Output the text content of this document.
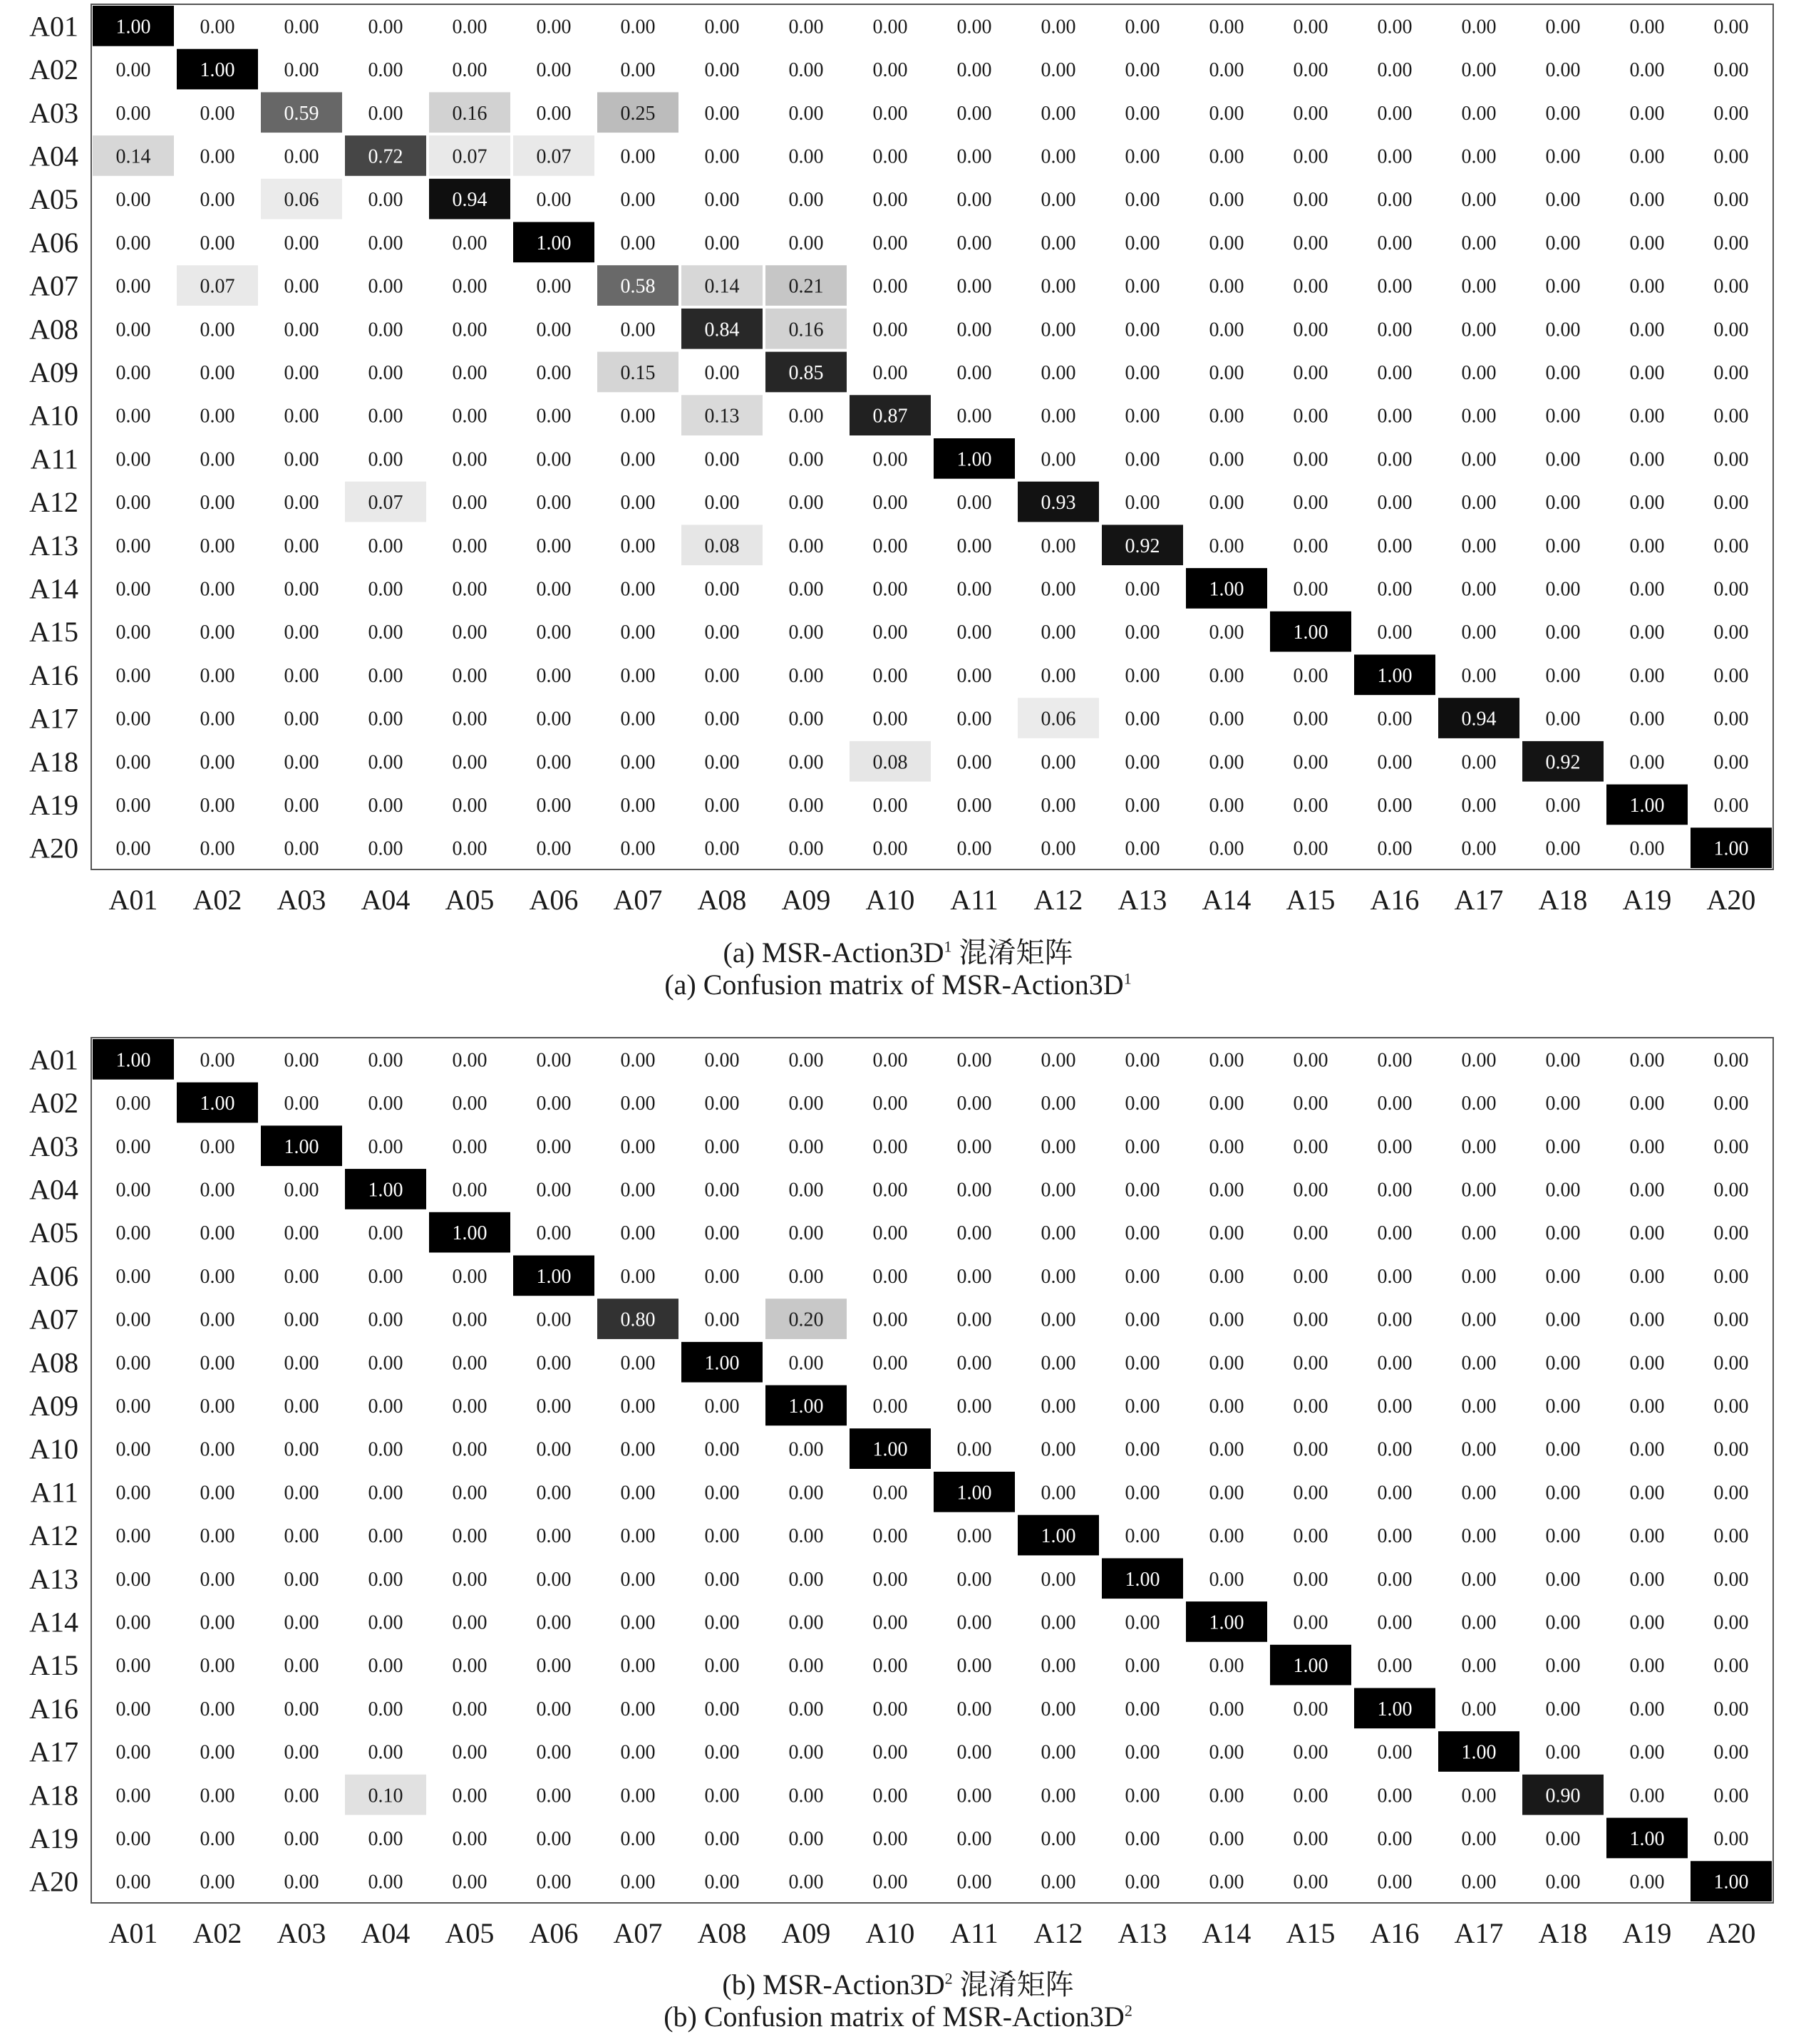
1.00 0.00 0.00 0.00 0.00 0.00 0.00 0.00 0.00 0.00 0.00 0.00 0.00 0.00 0.00 0.00 0.00 0.00 0.00 0.00
A01
0.00 1.00 0.00 0.00 0.00 0.00 0.00 0.00 0.00 0.00 0.00 0.00 0.00 0.00 0.00 0.00 0.00 0.00 0.00 0.00
A02
0.00 0.00 0.59 0.00 0.16 0.00 0.25 0.00 0.00 0.00 0.00 0.00 0.00 0.00 0.00 0.00 0.00 0.00 0.00 0.00
A03
0.14 0.00 0.00 0.72 0.07 0.07 0.00 0.00 0.00 0.00 0.00 0.00 0.00 0.00 0.00 0.00 0.00 0.00 0.00 0.00
A04
0.00 0.00 0.06 0.00 0.94 0.00 0.00 0.00 0.00 0.00 0.00 0.00 0.00 0.00 0.00 0.00 0.00 0.00 0.00 0.00
A05
0.00 0.00 0.00 0.00 0.00 1.00 0.00 0.00 0.00 0.00 0.00 0.00 0.00 0.00 0.00 0.00 0.00 0.00 0.00 0.00
A06
0.00 0.07 0.00 0.00 0.00 0.00 0.58 0.14 0.21 0.00 0.00 0.00 0.00 0.00 0.00 0.00 0.00 0.00 0.00 0.00
A07
0.00 0.00 0.00 0.00 0.00 0.00 0.00 0.84 0.16 0.00 0.00 0.00 0.00 0.00 0.00 0.00 0.00 0.00 0.00 0.00
A08
0.00 0.00 0.00 0.00 0.00 0.00 0.15 0.00 0.85 0.00 0.00 0.00 0.00 0.00 0.00 0.00 0.00 0.00 0.00 0.00
A09
0.00 0.00 0.00 0.00 0.00 0.00 0.00 0.13 0.00 0.87 0.00 0.00 0.00 0.00 0.00 0.00 0.00 0.00 0.00 0.00
A10
0.00 0.00 0.00 0.00 0.00 0.00 0.00 0.00 0.00 0.00 1.00 0.00 0.00 0.00 0.00 0.00 0.00 0.00 0.00 0.00
A11
0.00 0.00 0.00 0.07 0.00 0.00 0.00 0.00 0.00 0.00 0.00 0.93 0.00 0.00 0.00 0.00 0.00 0.00 0.00 0.00
A12
0.00 0.00 0.00 0.00 0.00 0.00 0.00 0.08 0.00 0.00 0.00 0.00 0.92 0.00 0.00 0.00 0.00 0.00 0.00 0.00
A13
0.00 0.00 0.00 0.00 0.00 0.00 0.00 0.00 0.00 0.00 0.00 0.00 0.00 1.00 0.00 0.00 0.00 0.00 0.00 0.00
A14
0.00 0.00 0.00 0.00 0.00 0.00 0.00 0.00 0.00 0.00 0.00 0.00 0.00 0.00 1.00 0.00 0.00 0.00 0.00 0.00
A15
0.00 0.00 0.00 0.00 0.00 0.00 0.00 0.00 0.00 0.00 0.00 0.00 0.00 0.00 0.00 1.00 0.00 0.00 0.00 0.00
A16
0.00 0.00 0.00 0.00 0.00 0.00 0.00 0.00 0.00 0.00 0.00 0.06 0.00 0.00 0.00 0.00 0.94 0.00 0.00 0.00
A17
0.00 0.00 0.00 0.00 0.00 0.00 0.00 0.00 0.00 0.08 0.00 0.00 0.00 0.00 0.00 0.00 0.00 0.92 0.00 0.00
A18
0.00 0.00 0.00 0.00 0.00 0.00 0.00 0.00 0.00 0.00 0.00 0.00 0.00 0.00 0.00 0.00 0.00 0.00 1.00 0.00
A19
0.00 0.00 0.00 0.00 0.00 0.00 0.00 0.00 0.00 0.00 0.00 0.00 0.00 0.00 0.00 0.00 0.00 0.00 0.00 1.00
A20
A01 A02 A03 A04 A05 A06 A07 A08 A09 A10 A11 A12 A13 A14 A15 A16 A17 A18 A19 A20
(a) MSR-$Action3D^1$ 混淆矩阵
(a) Confusion matrix of MSR-$Action3D^1$
1.00 0.00 0.00 0.00 0.00 0.00 0.00 0.00 0.00 0.00 0.00 0.00 0.00 0.00 0.00 0.00 0.00 0.00 0.00 0.00
A01
0.00 1.00 0.00 0.00 0.00 0.00 0.00 0.00 0.00 0.00 0.00 0.00 0.00 0.00 0.00 0.00 0.00 0.00 0.00 0.00
A02
0.00 0.00 1.00 0.00 0.00 0.00 0.00 0.00 0.00 0.00 0.00 0.00 0.00 0.00 0.00 0.00 0.00 0.00 0.00 0.00
A03
0.00 0.00 0.00 1.00 0.00 0.00 0.00 0.00 0.00 0.00 0.00 0.00 0.00 0.00 0.00 0.00 0.00 0.00 0.00 0.00
A04
0.00 0.00 0.00 0.00 1.00 0.00 0.00 0.00 0.00 0.00 0.00 0.00 0.00 0.00 0.00 0.00 0.00 0.00 0.00 0.00
A05
0.00 0.00 0.00 0.00 0.00 1.00 0.00 0.00 0.00 0.00 0.00 0.00 0.00 0.00 0.00 0.00 0.00 0.00 0.00 0.00
A06
0.00 0.00 0.00 0.00 0.00 0.00 0.80 0.00 0.20 0.00 0.00 0.00 0.00 0.00 0.00 0.00 0.00 0.00 0.00 0.00
A07
0.00 0.00 0.00 0.00 0.00 0.00 0.00 1.00 0.00 0.00 0.00 0.00 0.00 0.00 0.00 0.00 0.00 0.00 0.00 0.00
A08
0.00 0.00 0.00 0.00 0.00 0.00 0.00 0.00 1.00 0.00 0.00 0.00 0.00 0.00 0.00 0.00 0.00 0.00 0.00 0.00
A09
0.00 0.00 0.00 0.00 0.00 0.00 0.00 0.00 0.00 1.00 0.00 0.00 0.00 0.00 0.00 0.00 0.00 0.00 0.00 0.00
A10
0.00 0.00 0.00 0.00 0.00 0.00 0.00 0.00 0.00 0.00 1.00 0.00 0.00 0.00 0.00 0.00 0.00 0.00 0.00 0.00
A11
0.00 0.00 0.00 0.00 0.00 0.00 0.00 0.00 0.00 0.00 0.00 1.00 0.00 0.00 0.00 0.00 0.00 0.00 0.00 0.00
A12
0.00 0.00 0.00 0.00 0.00 0.00 0.00 0.00 0.00 0.00 0.00 0.00 1.00 0.00 0.00 0.00 0.00 0.00 0.00 0.00
A13
0.00 0.00 0.00 0.00 0.00 0.00 0.00 0.00 0.00 0.00 0.00 0.00 0.00 1.00 0.00 0.00 0.00 0.00 0.00 0.00
A14
0.00 0.00 0.00 0.00 0.00 0.00 0.00 0.00 0.00 0.00 0.00 0.00 0.00 0.00 1.00 0.00 0.00 0.00 0.00 0.00
A15
0.00 0.00 0.00 0.00 0.00 0.00 0.00 0.00 0.00 0.00 0.00 0.00 0.00 0.00 0.00 1.00 0.00 0.00 0.00 0.00
A16
0.00 0.00 0.00 0.00 0.00 0.00 0.00 0.00 0.00 0.00 0.00 0.00 0.00 0.00 0.00 0.00 1.00 0.00 0.00 0.00
A17
0.00 0.00 0.00 0.10 0.00 0.00 0.00 0.00 0.00 0.00 0.00 0.00 0.00 0.00 0.00 0.00 0.00 0.90 0.00 0.00
A18
0.00 0.00 0.00 0.00 0.00 0.00 0.00 0.00 0.00 0.00 0.00 0.00 0.00 0.00 0.00 0.00 0.00 0.00 1.00 0.00
A19
0.00 0.00 0.00 0.00 0.00 0.00 0.00 0.00 0.00 0.00 0.00 0.00 0.00 0.00 0.00 0.00 0.00 0.00 0.00 1.00
A20
A01 A02 A03 A04 A05 A06 A07 A08 A09 A10 A11 A12 A13 A14 A15 A16 A17 A18 A19 A20
(b) MSR-$Action3D^2$ 混淆矩阵
(b) Confusion matrix of MSR-$Action3D^2$
